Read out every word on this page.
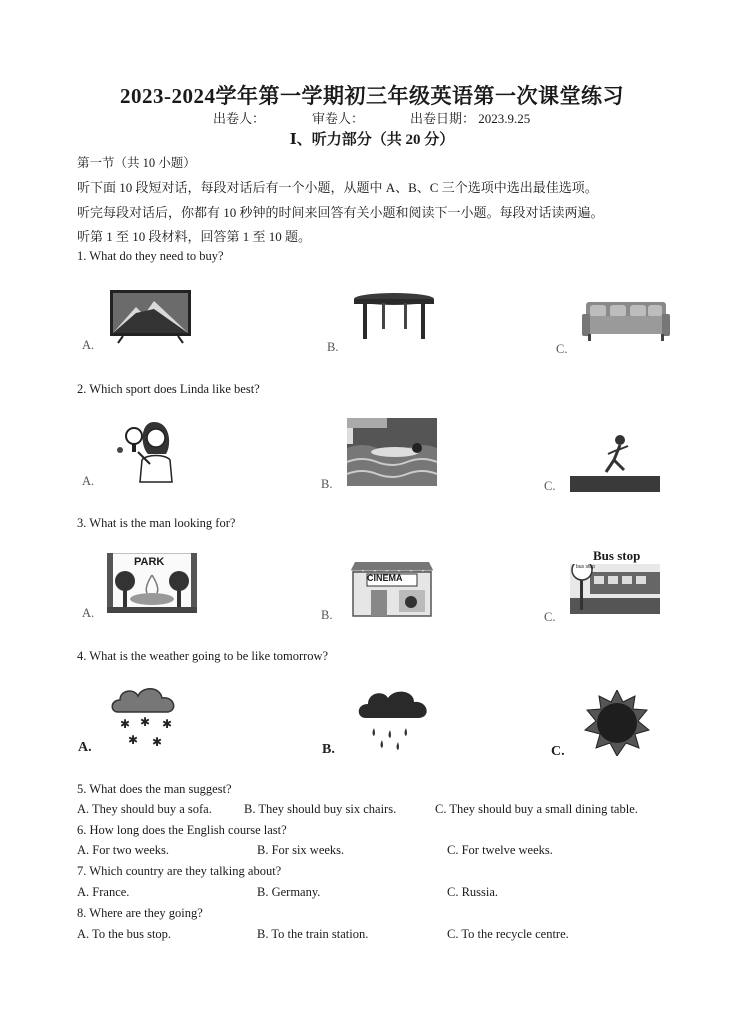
2023-2024学年第一学期初三年级英语第一次课堂练习
出卷人：	审卷人：	出卷日期： 2023.9.25
Ⅰ、听力部分（共 20 分）
第一节（共 10 小题）
听下面 10 段短对话，每段对话后有一个小题，从题中 A、B、C 三个选项中选出最佳选项。
听完每段对话后，你都有 10 秒钟的时间来回答有关小题和阅读下一小题。每段对话读两遍。
听第 1 至 10 段材料，回答第 1 至 10 题。
1. What do they need to buy?
A.	B.	C.
2. Which sport does Linda like best?
A.	B.	C.
3. What is the man looking for?
A.	B.	C.
PARK
CINEMA
Bus stop
bus stop
4. What is the weather going to be like tomorrow?
A.	B.	C.
✱ ✱ ✱
✱ ✱
5. What does the man suggest?
A. They should buy a sofa.	B. They should buy six chairs.	C. They should buy a small dining table.
6. How long does the English course last?
A. For two weeks.	B. For six weeks.	C. For twelve weeks.
7. Which country are they talking about?
A. France.	B. Germany.	C. Russia.
8. Where are they going?
A. To the bus stop.	B. To the train station.	C. To the recycle centre.
